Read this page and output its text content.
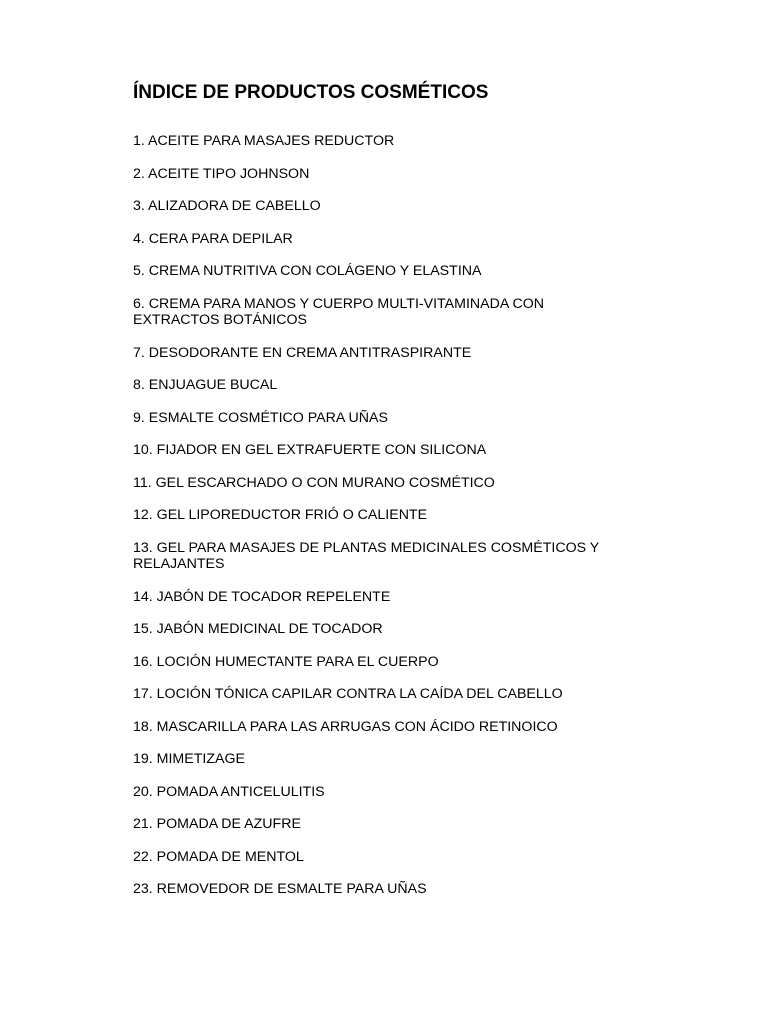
ÍNDICE DE PRODUCTOS COSMÉTICOS
1. ACEITE PARA MASAJES REDUCTOR
2. ACEITE TIPO JOHNSON
3. ALIZADORA DE CABELLO
4. CERA PARA DEPILAR
5. CREMA NUTRITIVA CON COLÁGENO Y ELASTINA
6. CREMA PARA MANOS Y CUERPO MULTI-VITAMINADA CON EXTRACTOS BOTÁNICOS
7. DESODORANTE EN CREMA ANTITRASPIRANTE
8. ENJUAGUE BUCAL
9. ESMALTE COSMÉTICO PARA UÑAS
10. FIJADOR EN GEL EXTRAFUERTE CON SILICONA
11. GEL ESCARCHADO O CON MURANO COSMÉTICO
12. GEL LIPOREDUCTOR FRIÓ O CALIENTE
13. GEL PARA MASAJES DE PLANTAS MEDICINALES COSMÉTICOS Y RELAJANTES
14. JABÓN DE TOCADOR REPELENTE
15. JABÓN MEDICINAL DE TOCADOR
16. LOCIÓN HUMECTANTE PARA EL CUERPO
17. LOCIÓN TÓNICA CAPILAR CONTRA LA CAÍDA DEL CABELLO
18. MASCARILLA PARA LAS ARRUGAS CON ÁCIDO RETINOICO
19. MIMETIZAGE
20. POMADA ANTICELULITIS
21. POMADA DE AZUFRE
22. POMADA DE MENTOL
23. REMOVEDOR DE ESMALTE PARA UÑAS
